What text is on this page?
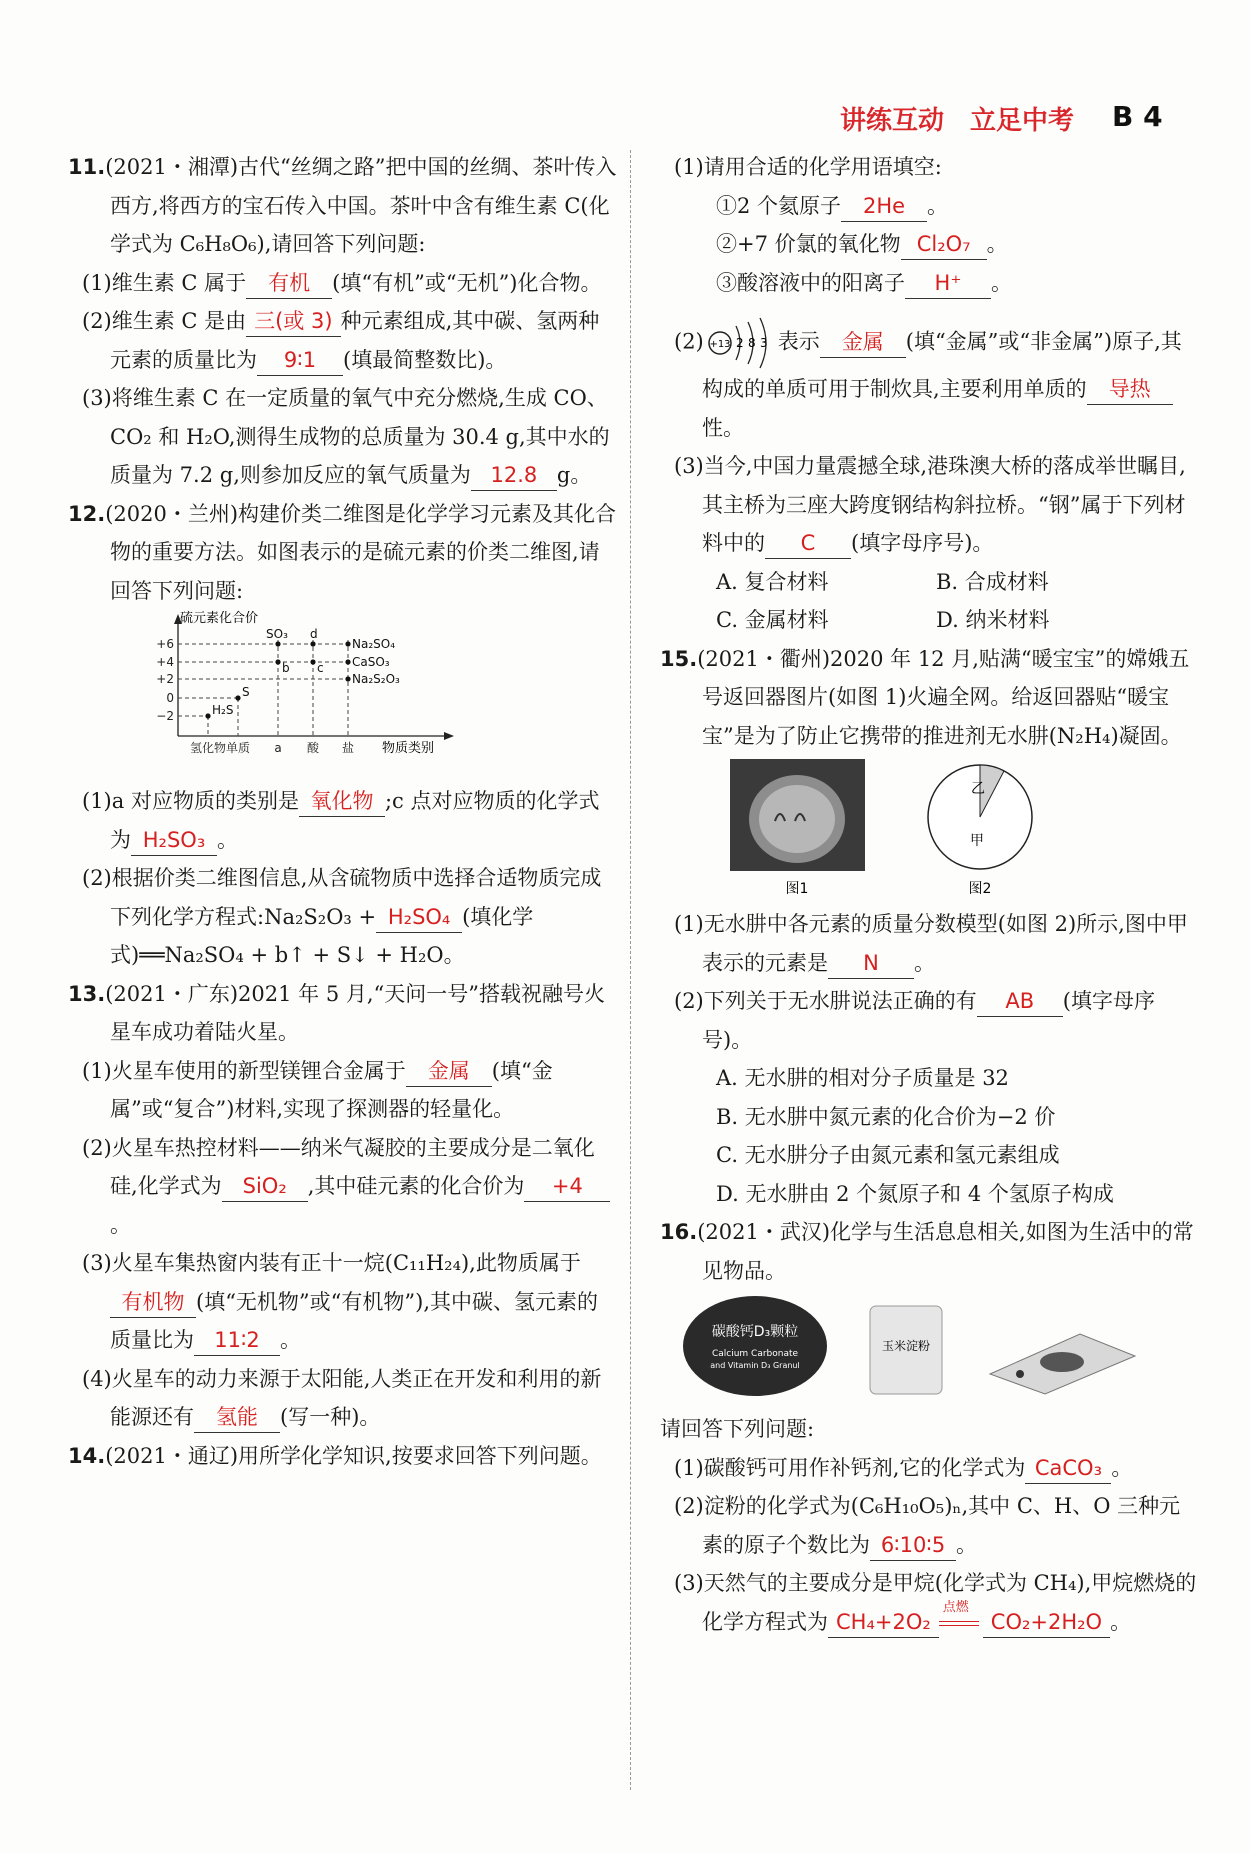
讲练互动　立足中考 B 4

11.(2021・湘潭)古代“丝绸之路”把中国的丝绸、茶叶传入西方,将西方的宝石传入中国。茶叶中含有维生素 C(化学式为 C₆H₈O₆),请回答下列问题:

(1)维生素 C 属于 有机 (填“有机”或“无机”)化合物。

(2)维生素 C 是由 三(或 3) 种元素组成,其中碳、氢两种元素的质量比为 9∶1 (填最简整数比)。

(3)将维生素 C 在一定质量的氧气中充分燃烧,生成 CO、CO₂ 和 H₂O,测得生成物的总质量为 30.4 g,其中水的质量为 7.2 g,则参加反应的氧气质量为 12.8 g。

12.(2020・兰州)构建价类二维图是化学学习元素及其化合物的重要方法。如图表示的是硫元素的价类二维图,请回答下列问题:

硫元素化合价
+6
+4
+2
0
−2	H₂S
S
SO₃
b
d
c
Na₂SO₄
CaSO₃
Na₂S₂O₃
氢化物 单质 a 酸 盐 物质类别

(1)a 对应物质的类别是 氧化物 ;c 点对应物质的化学式为 H₂SO₃ 。

(2)根据价类二维图信息,从含硫物质中选择合适物质完成下列化学方程式:Na₂S₂O₃ + H₂SO₄ (填化学式)══Na₂SO₄ + b↑ + S↓ + H₂O。

13.(2021・广东)2021 年 5 月,“天问一号”搭载祝融号火星车成功着陆火星。

(1)火星车使用的新型镁锂合金属于 金属 (填“金属”或“复合”)材料,实现了探测器的轻量化。

(2)火星车热控材料——纳米气凝胶的主要成分是二氧化硅,化学式为 SiO₂ ,其中硅元素的化合价为 +4。

(3)火星车集热窗内装有正十一烷(C₁₁H₂₄),此物质属于有机物 (填“无机物”或“有机物”),其中碳、氢元素的质量比为 11∶2 。

(4)火星车的动力来源于太阳能,人类正在开发和利用的新能源还有 氢能 (写一种)。

14.(2021・通辽)用所学化学知识,按要求回答下列问题。

(1)请用合适的化学用语填空:

①2 个氦原子 2He 。

②+7 价氯的氧化物 Cl₂O₇ 。

③酸溶液中的阳离子 H⁺ 。

(2) +13 2 8 3 表示 金属 (填“金属”或“非金属”)原子,其构成的单质可用于制炊具,主要利用单质的 导热性。

(3)当今,中国力量震撼全球,港珠澳大桥的落成举世瞩目,其主桥为三座大跨度钢结构斜拉桥。“钢”属于下列材料中的 C (填字母序号)。

A. 复合材料	B. 合成材料
C. 金属材料	D. 纳米材料

15.(2021・衢州)2020 年 12 月,贴满“暖宝宝”的嫦娥五号返回器图片(如图 1)火遍全网。给返回器贴“暖宝宝”是为了防止它携带的推进剂无水肼(N₂H₄)凝固。

图1
乙
甲
图2

(1)无水肼中各元素的质量分数模型(如图 2)所示,图中甲表示的元素是 N 。

(2)下列关于无水肼说法正确的有 AB (填字母序号)。

A. 无水肼的相对分子质量是 32

B. 无水肼中氮元素的化合价为−2 价

C. 无水肼分子由氮元素和氢元素组成

D. 无水肼由 2 个氮原子和 4 个氢原子构成

16.(2021・武汉)化学与生活息息相关,如图为生活中的常见物品。

碳酸钙D₃颗粒
Calcium Carbonate
and Vitamin D₃ Granul
玉米淀粉

请回答下列问题:

(1)碳酸钙可用作补钙剂,它的化学式为 CaCO₃ 。

(2)淀粉的化学式为(C₆H₁₀O₅)ₙ,其中 C、H、O 三种元素的原子个数比为 6∶10∶5 。

(3)天然气的主要成分是甲烷(化学式为 CH₄),甲烷燃烧的化学方程式为 CH₄+2O₂
点燃
CO₂+2H₂O 。
